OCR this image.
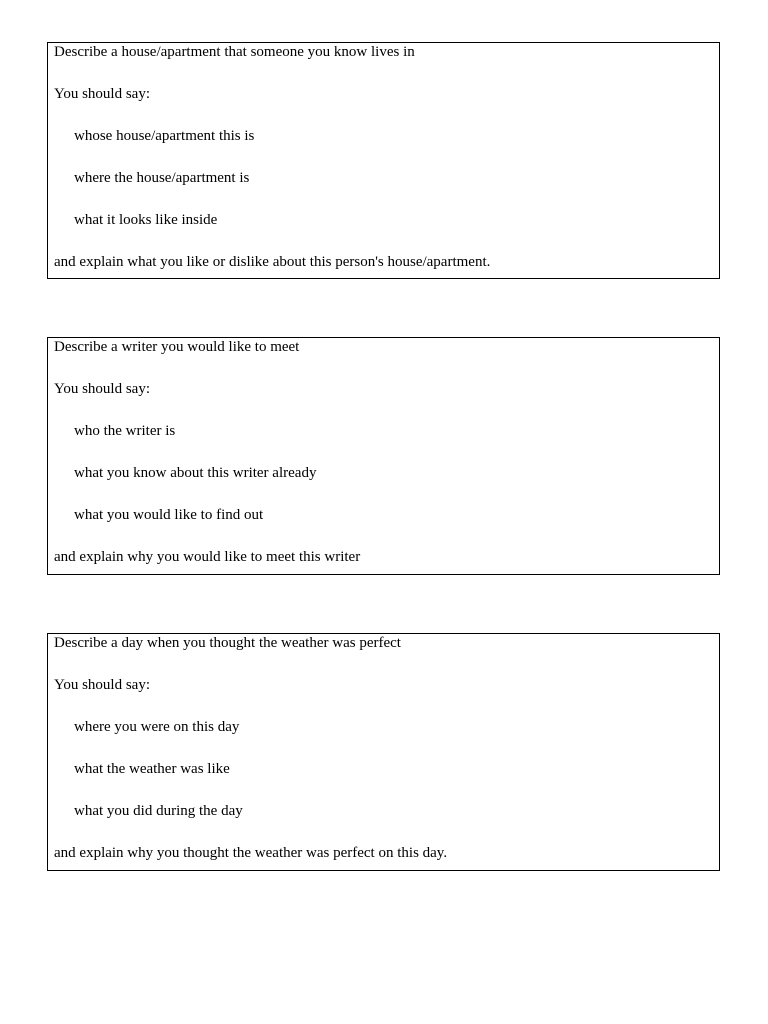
Describe a house/apartment that someone you know lives in
You should say:
whose house/apartment this is
where the house/apartment is
what it looks like inside
and explain what you like or dislike about this person's house/apartment.
Describe a writer you would like to meet
You should say:
who the writer is
what you know about this writer already
what you would like to find out
and explain why you would like to meet this writer
Describe a day when you thought the weather was perfect
You should say:
where you were on this day
what the weather was like
what you did during the day
and explain why you thought the weather was perfect on this day.
